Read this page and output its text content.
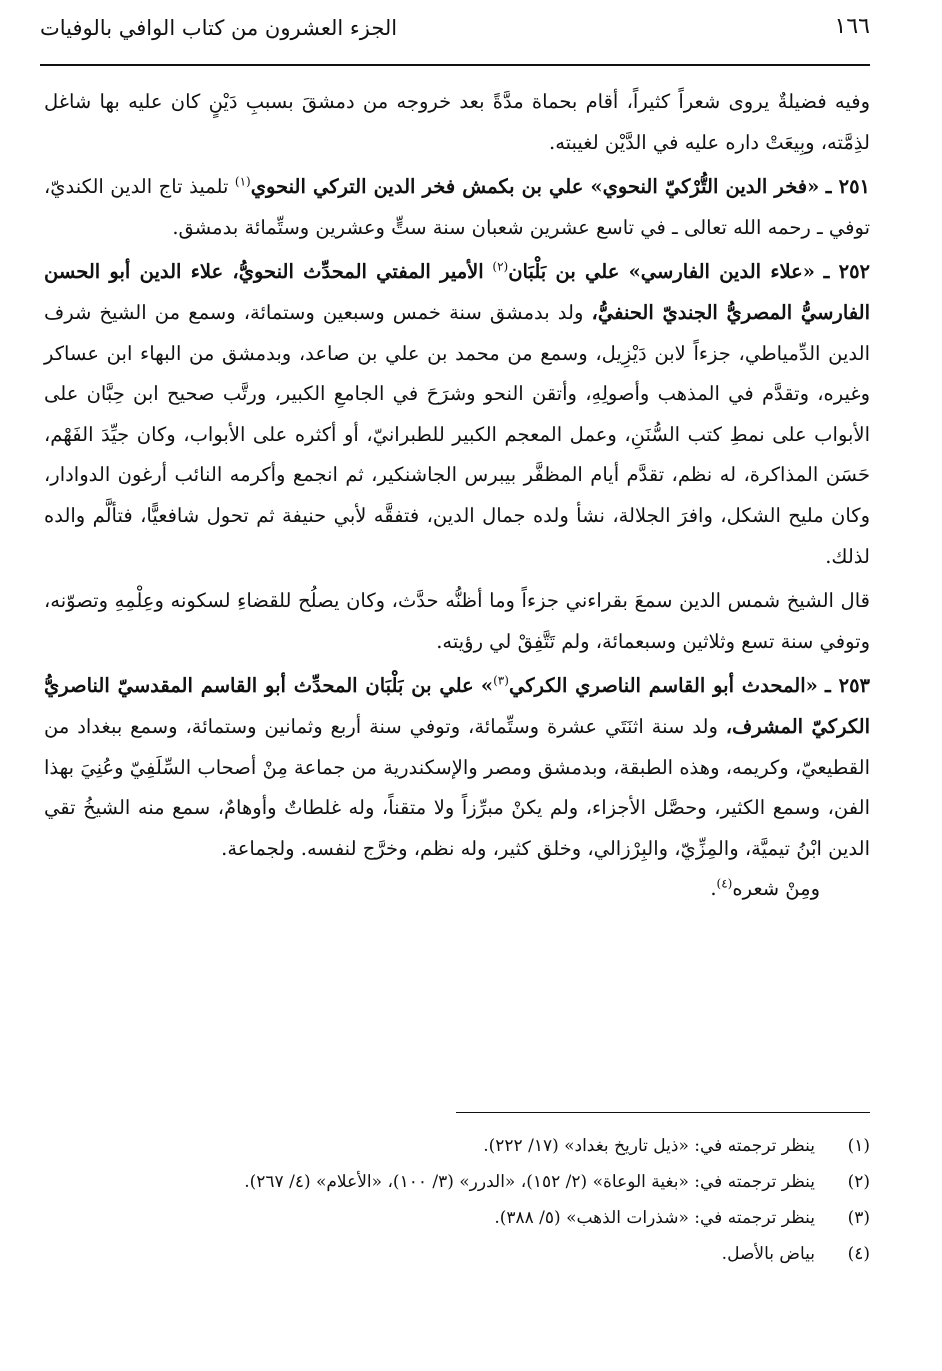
١٦٦
الجزء العشرون من كتاب الوافي بالوفيات

وفيه فضيلةٌ يروى شعراً كثيراً، أقام بحماة مدَّةً بعد خروجه من دمشقَ بسببِ دَيْنٍ كان عليه بها شاغل لذِمَّته، وبِيعَتْ داره عليه في الدَّيْن لغيبته.

٢٥١ ـ «فخر الدين التُّرْكيّ النحوي» علي بن بكمش فخر الدين التركي النحوي$^{(١)}$ تلميذ تاج الدين الكنديّ، توفي ـ رحمه الله تعالى ـ في تاسع عشرين شعبان سنة ستٍّ وعشرين وستِّمائة بدمشق.

٢٥٢ ـ «علاء الدين الفارسي» علي بن بَلْبَان$^{(٢)}$ الأمير المفتي المحدِّث النحويُّ، علاء الدين أبو الحسن الفارسيُّ المصريُّ الجنديّ الحنفيُّ، ولد بدمشق سنة خمس وسبعين وستمائة، وسمع من الشيخ شرف الدين الدِّمياطي، جزءاً لابن دَيْزِيل، وسمع من محمد بن علي بن صاعد، وبدمشق من البهاء ابن عساكر وغيره، وتقدَّم في المذهب وأصولِهِ، وأتقن النحو وشرَحَ في الجامعِ الكبير، ورتَّب صحيح ابن حِبَّان على الأبواب على نمطِ كتب السُّنَنِ، وعمل المعجم الكبير للطبرانيّ، أو أكثره على الأبواب، وكان جيِّدَ الفَهْم، حَسَن المذاكرة، له نظم، تقدَّم أيام المظفَّر بيبرس الجاشنكير، ثم انجمع وأكرمه النائب أرغون الدوادار، وكان مليح الشكل، وافرَ الجلالة، نشأ ولده جمال الدين، فتفقَّه لأبي حنيفة ثم تحول شافعيًّا، فتألَّم والده لذلك.

قال الشيخ شمس الدين سمعَ بقراءني جزءاً وما أظنُّه حدَّث، وكان يصلُح للقضاءِ لسكونه وعِلْمِهِ وتصوّنه، وتوفي سنة تسع وثلاثين وسبعمائة، ولم تَتَّفِقْ لي رؤيته.

٢٥٣ ـ «المحدث أبو القاسم الناصري الكركي$^{(٣)}$» علي بن بَلْبَان المحدِّث أبو القاسم المقدسيّ الناصريُّ الكركيّ المشرف، ولد سنة اثنَتَي عشرة وستِّمائة، وتوفي سنة أربع وثمانين وستمائة، وسمع ببغداد من القطيعيّ، وكريمه، وهذه الطبقة، وبدمشق ومصر والإسكندرية من جماعة مِنْ أصحاب السِّلَفِيّ وعُنِيَ بهذا الفن، وسمع الكثير، وحصَّل الأجزاء، ولم يكنْ مبرِّزاً ولا متقناً، وله غلطاتٌ وأوهامٌ، سمع منه الشيخُ تقي الدين ابْنُ تيميَّة، والمِزِّيّ، والبِرْزالي، وخلق كثير، وله نظم، وخرَّج لنفسه. ولجماعة.

ومِنْ شعره$^{(٤)}$.

(١)
ينظر ترجمته في: «ذيل تاريخ بغداد» (١٧/ ٢٢٢).
(٢)
ينظر ترجمته في: «بغية الوعاة» (٢/ ١٥٢)، «الدرر» (٣/ ١٠٠)، «الأعلام» (٤/ ٢٦٧).
(٣)
ينظر ترجمته في: «شذرات الذهب» (٥/ ٣٨٨).
(٤)
بياض بالأصل.
